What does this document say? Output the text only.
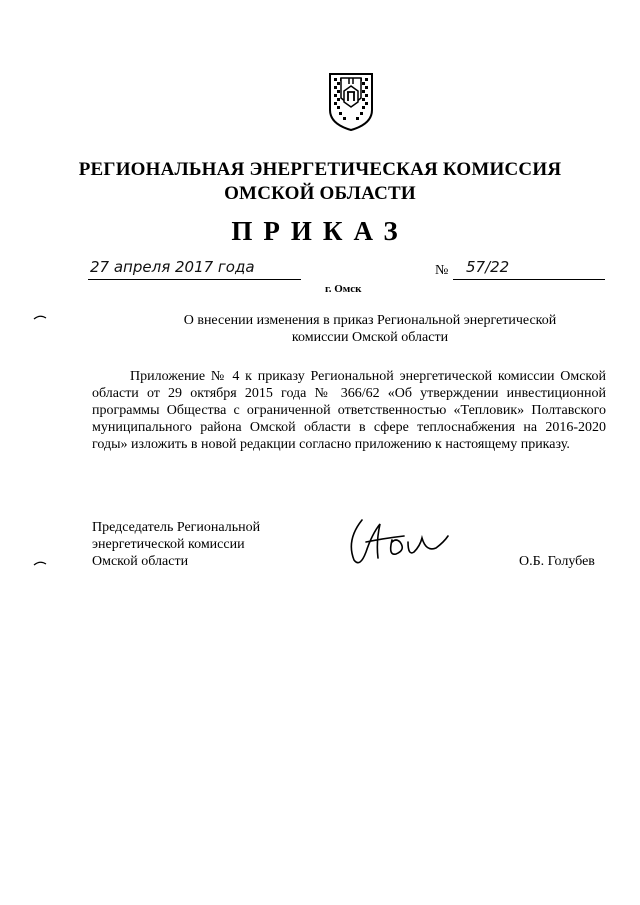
РЕГИОНАЛЬНАЯ ЭНЕРГЕТИЧЕСКАЯ КОМИССИЯ
ОМСКОЙ ОБЛАСТИ
ПРИКАЗ
27 апреля 2017 года	№ 57/22
г. Омск
О внесении изменения в приказ Региональной энергетической
комиссии Омской области
Приложение № 4 к приказу Региональной энергетической комиссии Омской области от 29 октября 2015 года № 366/62 «Об утверждении инвестиционной программы Общества с ограниченной ответственностью «Тепловик» Полтавского муниципального района Омской области в сфере теплоснабжения на 2016-2020 годы» изложить в новой редакции согласно приложению к настоящему приказу.
Председатель Региональной
энергетической комиссии
Омской области	О.Б. Голубев
